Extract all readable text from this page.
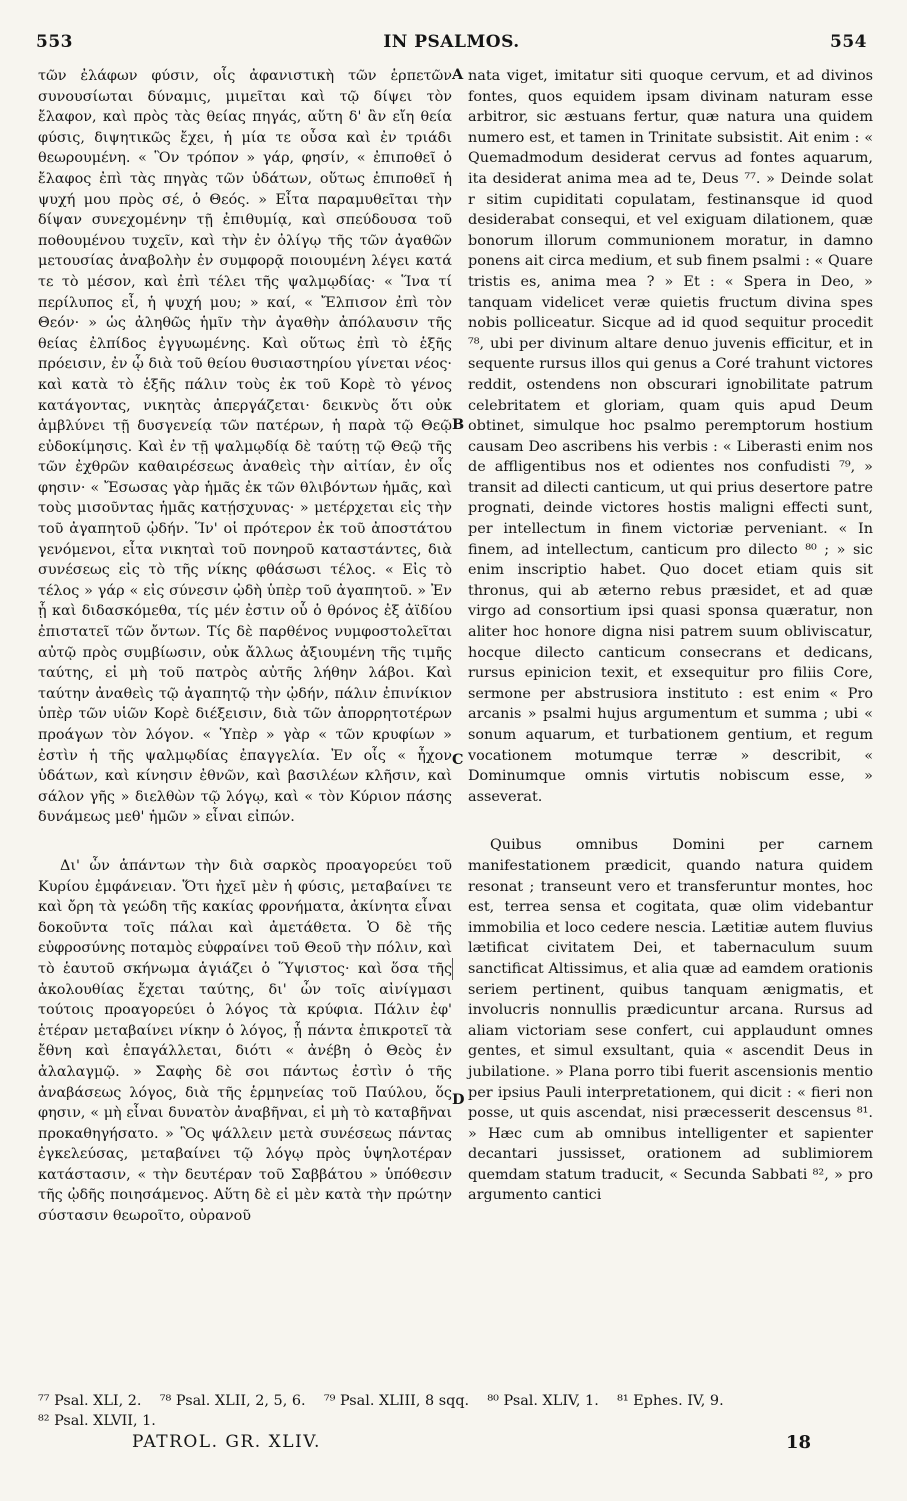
553	IN PSALMOS.	554

τῶν ἐλάφων φύσιν, οἷς ἀφανιστικὴ τῶν ἑρπετῶν συνουσίωται δύναμις, μιμεῖται καὶ τῷ δίψει τὸν ἔλαφον, καὶ πρὸς τὰς θείας πηγάς, αὕτη δ' ἂν εἴη θεία φύσις, διψητικῶς ἔχει, ἡ μία τε οὖσα καὶ ἐν τριάδι θεωρουμένη. « Ὃν τρόπον » γάρ, φησίν, « ἐπιποθεῖ ὁ ἔλαφος ἐπὶ τὰς πηγὰς τῶν ὑδάτων, οὕτως ἐπιποθεῖ ἡ ψυχή μου πρὸς σέ, ὁ Θεός. » Εἶτα παραμυθεῖται τὴν δίψαν συνεχομένην τῇ ἐπιθυμίᾳ, καὶ σπεύδουσα τοῦ ποθουμένου τυχεῖν, καὶ τὴν ἐν ὀλίγῳ τῆς τῶν ἀγαθῶν μετουσίας ἀναβολὴν ἐν συμφορᾷ ποιουμένη λέγει κατά τε τὸ μέσον, καὶ ἐπὶ τέλει τῆς ψαλμῳδίας· « Ἵνα τί περίλυπος εἶ, ἡ ψυχή μου; » καί, « Ἔλπισον ἐπὶ τὸν Θεόν· » ὡς ἀληθῶς ἡμῖν τὴν ἀγαθὴν ἀπόλαυσιν τῆς θείας ἐλπίδος ἐγγυωμένης. Καὶ οὕτως ἐπὶ τὸ ἑξῆς πρόεισιν, ἐν ᾧ διὰ τοῦ θείου θυσιαστηρίου γίνεται νέος· καὶ κατὰ τὸ ἑξῆς πάλιν τοὺς ἐκ τοῦ Κορὲ τὸ γένος κατάγοντας, νικητὰς ἀπεργάζεται· δεικνὺς ὅτι οὐκ ἀμβλύνει τῇ δυσγενείᾳ τῶν πατέρων, ἡ παρὰ τῷ Θεῷ εὐδοκίμησις. Καὶ ἐν τῇ ψαλμῳδίᾳ δὲ ταύτῃ τῷ Θεῷ τῆς τῶν ἐχθρῶν καθαιρέσεως ἀναθεὶς τὴν αἰτίαν, ἐν οἷς φησιν· « Ἔσωσας γὰρ ἡμᾶς ἐκ τῶν θλιβόντων ἡμᾶς, καὶ τοὺς μισοῦντας ἡμᾶς κατῄσχυνας· » μετέρχεται εἰς τὴν τοῦ ἀγαπητοῦ ᾠδήν. Ἵν' οἱ πρότερον ἐκ τοῦ ἀποστάτου γενόμενοι, εἶτα νικηταὶ τοῦ πονηροῦ καταστάντες, διὰ συνέσεως εἰς τὸ τῆς νίκης φθάσωσι τέλος. « Εἰς τὸ τέλος » γάρ « εἰς σύνεσιν ᾠδὴ ὑπὲρ τοῦ ἀγαπητοῦ. » Ἐν ᾗ καὶ διδασκόμεθα, τίς μέν ἐστιν οὗ ὁ θρόνος ἐξ ἀϊδίου ἐπιστατεῖ τῶν ὄντων. Τίς δὲ παρθένος νυμφοστολεῖται αὐτῷ πρὸς συμβίωσιν, οὐκ ἄλλως ἀξιουμένη τῆς τιμῆς ταύτης, εἰ μὴ τοῦ πατρὸς αὐτῆς λήθην λάβοι. Καὶ ταύτην ἀναθεὶς τῷ ἀγαπητῷ τὴν ᾠδήν, πάλιν ἐπινίκιον ὑπὲρ τῶν υἱῶν Κορὲ διέξεισιν, διὰ τῶν ἀπορρητοτέρων προάγων τὸν λόγον. « Ὑπὲρ » γὰρ « τῶν κρυφίων » ἐστὶν ἡ τῆς ψαλμῳδίας ἐπαγγελία. Ἐν οἷς « ἦχον ὑδάτων, καὶ κίνησιν ἐθνῶν, καὶ βασιλέων κλῆσιν, καὶ σάλον γῆς » διελθὼν τῷ λόγῳ, καὶ « τὸν Κύριον πάσης δυνάμεως μεθ' ἡμῶν » εἶναι εἰπών.

Δι' ὧν ἁπάντων τὴν διὰ σαρκὸς προαγορεύει τοῦ Κυρίου ἐμφάνειαν. Ὅτι ἠχεῖ μὲν ἡ φύσις, μεταβαίνει τε καὶ ὄρη τὰ γεώδη τῆς κακίας φρονήματα, ἀκίνητα εἶναι δοκοῦντα τοῖς πάλαι καὶ ἀμετάθετα. Ὁ δὲ τῆς εὐφροσύνης ποταμὸς εὐφραίνει τοῦ Θεοῦ τὴν πόλιν, καὶ τὸ ἑαυτοῦ σκήνωμα ἁγιάζει ὁ Ὕψιστος· καὶ ὅσα τῆς ἀκολουθίας ἔχεται ταύτης, δι' ὧν τοῖς αἰνίγμασι τούτοις προαγορεύει ὁ λόγος τὰ κρύφια. Πάλιν ἐφ' ἑτέραν μεταβαίνει νίκην ὁ λόγος, ᾗ πάντα ἐπικροτεῖ τὰ ἔθνη καὶ ἐπαγάλλεται, διότι « ἀνέβη ὁ Θεὸς ἐν ἀλαλαγμῷ. » Σαφὴς δὲ σοι πάντως ἐστὶν ὁ τῆς ἀναβάσεως λόγος, διὰ τῆς ἑρμηνείας τοῦ Παύλου, ὅς φησιν, « μὴ εἶναι δυνατὸν ἀναβῆναι, εἰ μὴ τὸ καταβῆναι προκαθηγήσατο. » Ὃς ψάλλειν μετὰ συνέσεως πάντας ἐγκελεύσας, μεταβαίνει τῷ λόγῳ πρὸς ὑψηλοτέραν κατάστασιν, « τὴν δευτέραν τοῦ Σαββάτου » ὑπόθεσιν τῆς ᾠδῆς ποιησάμενος. Αὕτη δὲ εἰ μὲν κατὰ τὴν πρώτην σύστασιν θεωροῖτο, οὐρανοῦ

nata viget, imitatur siti quoque cervum, et ad divinos fontes, quos equidem ipsam divinam naturam esse arbitror, sic æstuans fertur, quæ natura una quidem numero est, et tamen in Trinitate subsistit. Ait enim : « Quemadmodum desiderat cervus ad fontes aquarum, ita desiderat anima mea ad te, Deus ⁷⁷. » Deinde solat r sitim cupiditati copulatam, festinansque id quod desiderabat consequi, et vel exiguam dilationem, quæ bonorum illorum communionem moratur, in damno ponens ait circa medium, et sub finem psalmi : « Quare tristis es, anima mea ? » Et : « Spera in Deo, » tanquam videlicet veræ quietis fructum divina spes nobis polliceatur. Sicque ad id quod sequitur procedit ⁷⁸, ubi per divinum altare denuo juvenis efficitur, et in sequente rursus illos qui genus a Coré trahunt victores reddit, ostendens non obscurari ignobilitate patrum celebritatem et gloriam, quam quis apud Deum obtinet, simulque hoc psalmo peremptorum hostium causam Deo ascribens his verbis : « Liberasti enim nos de affligentibus nos et odientes nos confudisti ⁷⁹, » transit ad dilecti canticum, ut qui prius desertore patre prognati, deinde victores hostis maligni effecti sunt, per intellectum in finem victoriæ perveniant. « In finem, ad intellectum, canticum pro dilecto ⁸⁰ ; » sic enim inscriptio habet. Quo docet etiam quis sit thronus, qui ab æterno rebus præsidet, et ad quæ virgo ad consortium ipsi quasi sponsa quæratur, non aliter hoc honore digna nisi patrem suum obliviscatur, hocque dilecto canticum consecrans et dedicans, rursus epinicion texit, et exsequitur pro filiis Core, sermone per abstrusiora instituto : est enim « Pro arcanis » psalmi hujus argumentum et summa ; ubi « sonum aquarum, et turbationem gentium, et regum vocationem motumque terræ » describit, « Dominumque omnis virtutis nobiscum esse, » asseverat.

Quibus omnibus Domini per carnem manifestationem prædicit, quando natura quidem resonat ; transeunt vero et transferuntur montes, hoc est, terrea sensa et cogitata, quæ olim videbantur immobilia et loco cedere nescia. Lætitiæ autem fluvius lætificat civitatem Dei, et tabernaculum suum sanctificat Altissimus, et alia quæ ad eamdem orationis seriem pertinent, quibus tanquam ænigmatis, et involucris nonnullis prædicuntur arcana. Rursus ad aliam victoriam sese confert, cui applaudunt omnes gentes, et simul exsultant, quia « ascendit Deus in jubilatione. » Plana porro tibi fuerit ascensionis mentio per ipsius Pauli interpretationem, qui dicit : « fieri non posse, ut quis ascendat, nisi præcesserit descensus ⁸¹. » Hæc cum ab omnibus intelligenter et sapienter decantari jussisset, orationem ad sublimiorem quemdam statum traducit, « Secunda Sabbati ⁸², » pro argumento cantici

A
B
C
D
⁷⁷ Psal. XLI, 2.    ⁷⁸ Psal. XLII, 2, 5, 6.    ⁷⁹ Psal. XLIII, 8 sqq.    ⁸⁰ Psal. XLIV, 1.    ⁸¹ Ephes. IV, 9.
⁸² Psal. XLVII, 1.
PATROL. GR. XLIV.	18
